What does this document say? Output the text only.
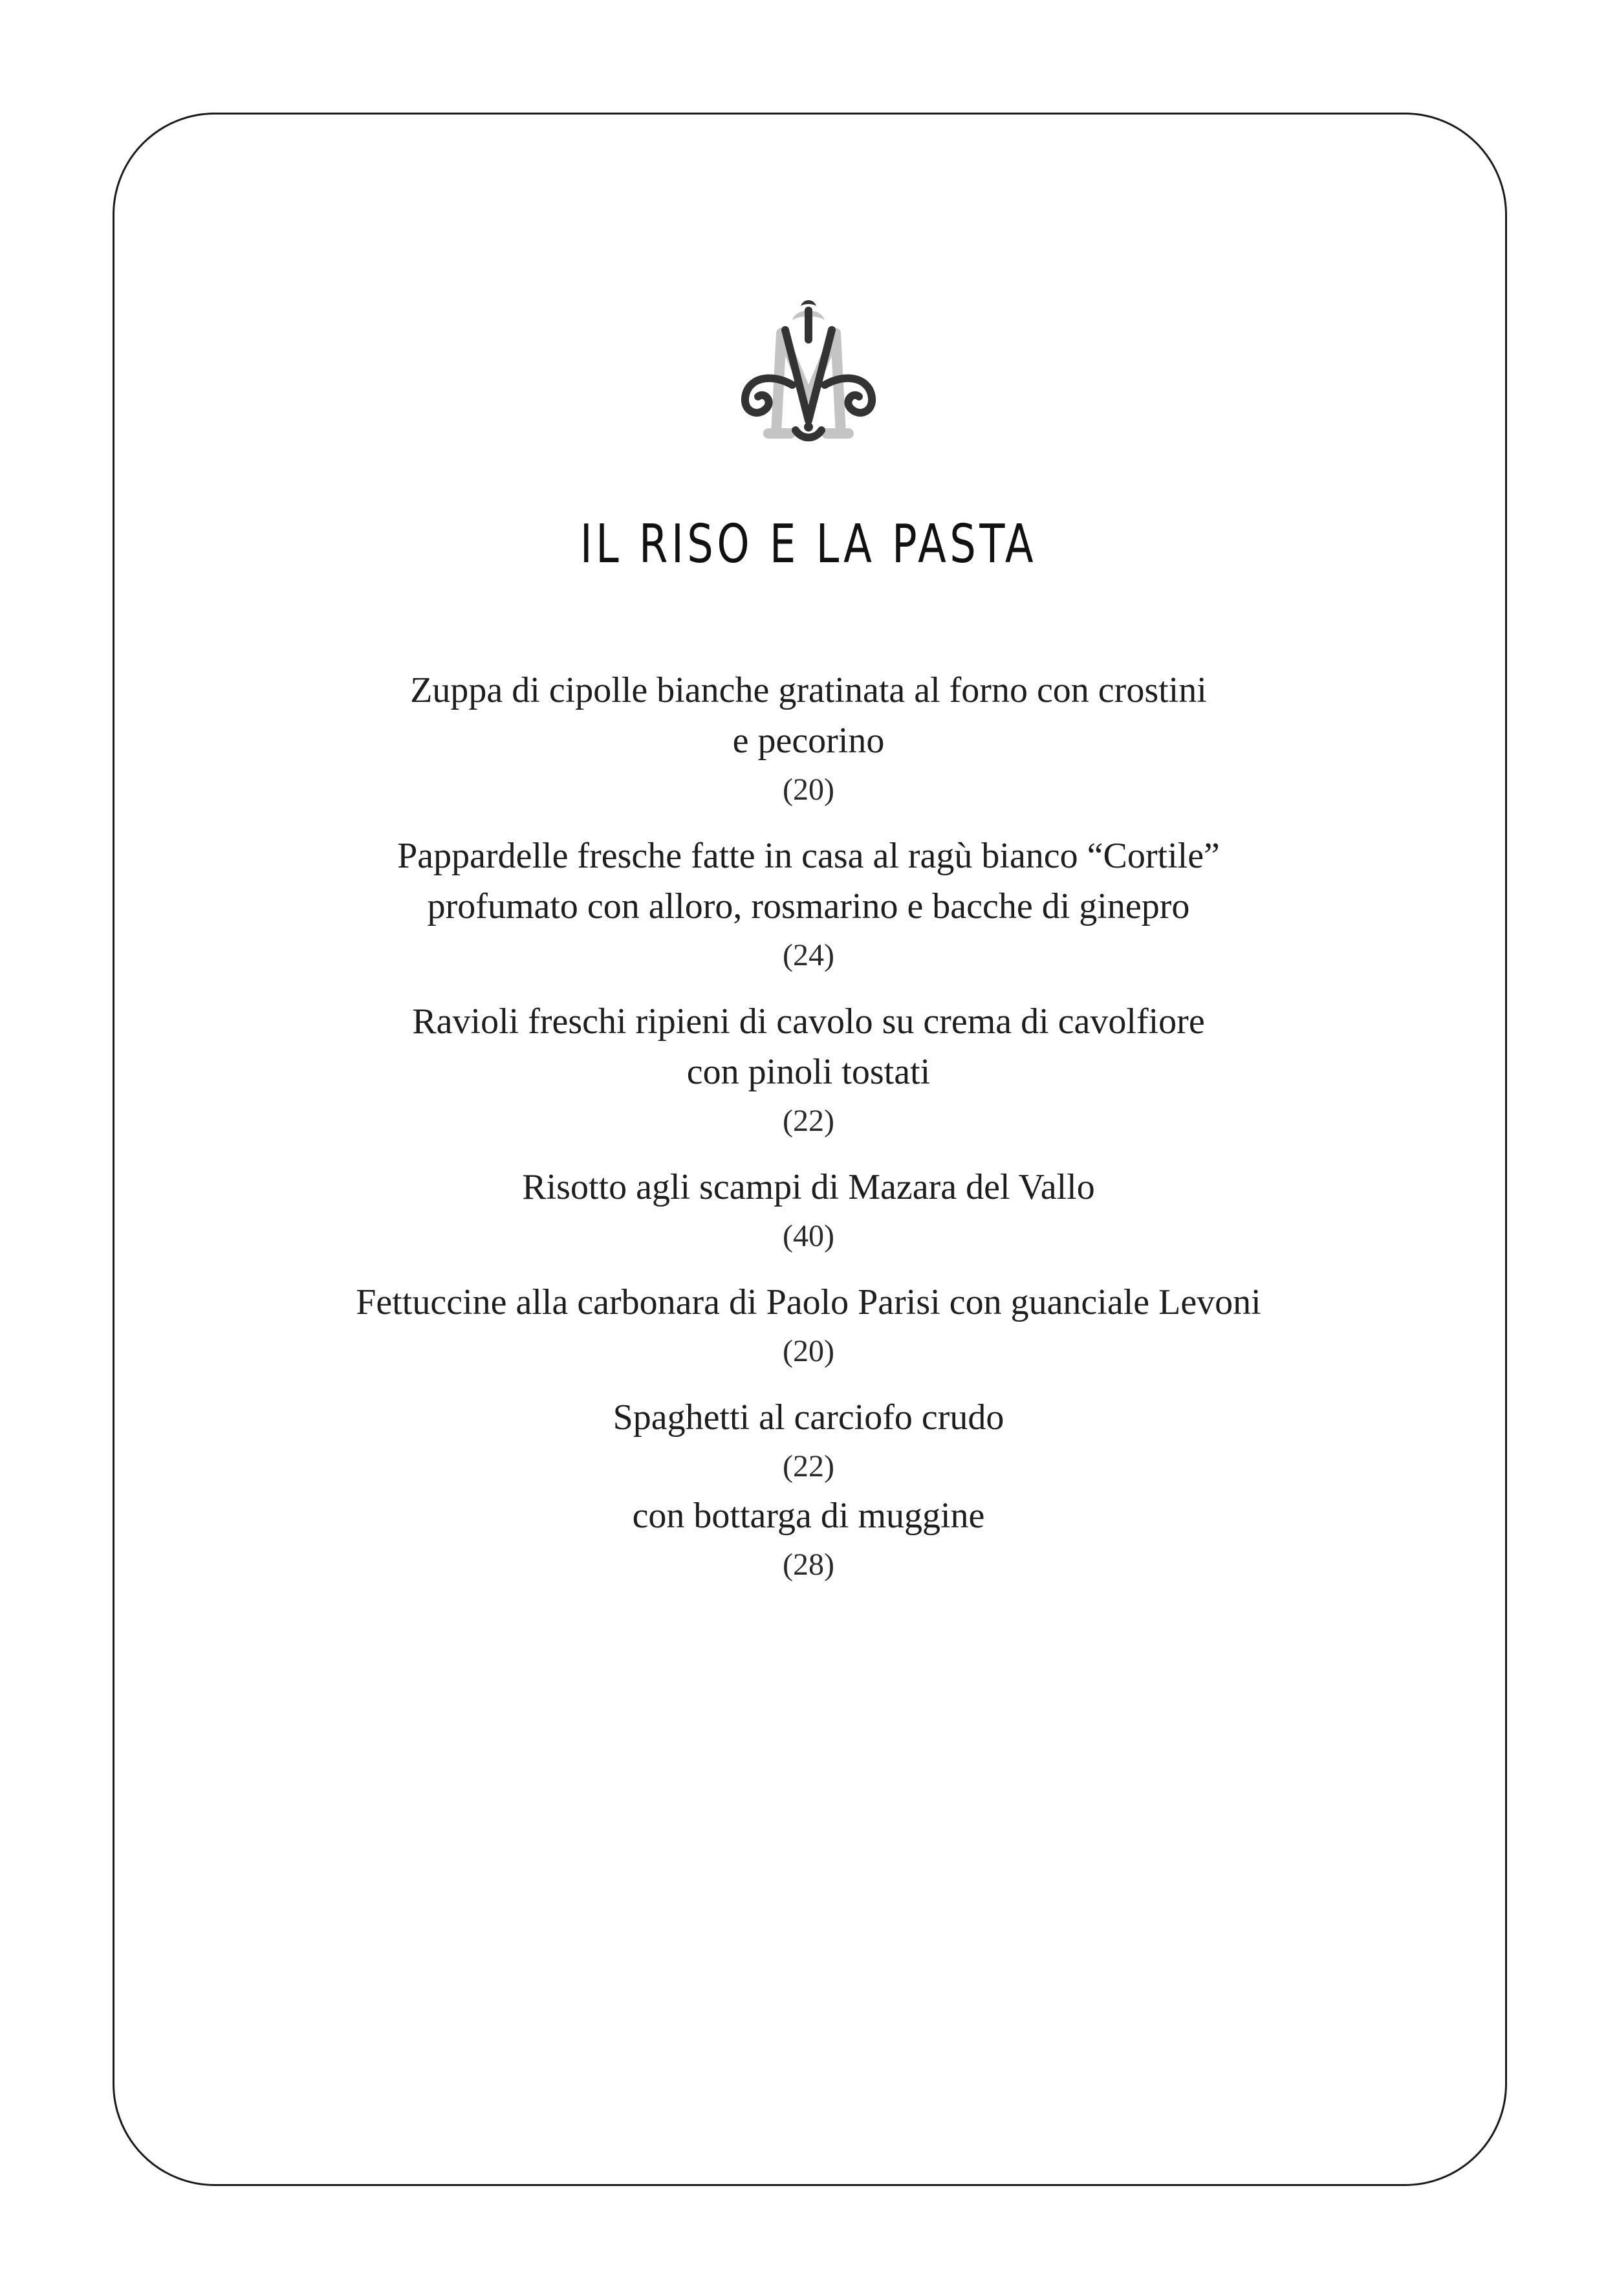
IL RISO E LA PASTA
Zuppa di cipolle bianche gratinata al forno con crostini
e pecorino
(20)
Pappardelle fresche fatte in casa al ragù bianco “Cortile”
profumato con alloro, rosmarino e bacche di ginepro
(24)
Ravioli freschi ripieni di cavolo su crema di cavolfiore
con pinoli tostati
(22)
Risotto agli scampi di Mazara del Vallo
(40)
Fettuccine alla carbonara di Paolo Parisi con guanciale Levoni
(20)
Spaghetti al carciofo crudo
(22)
con bottarga di muggine
(28)
